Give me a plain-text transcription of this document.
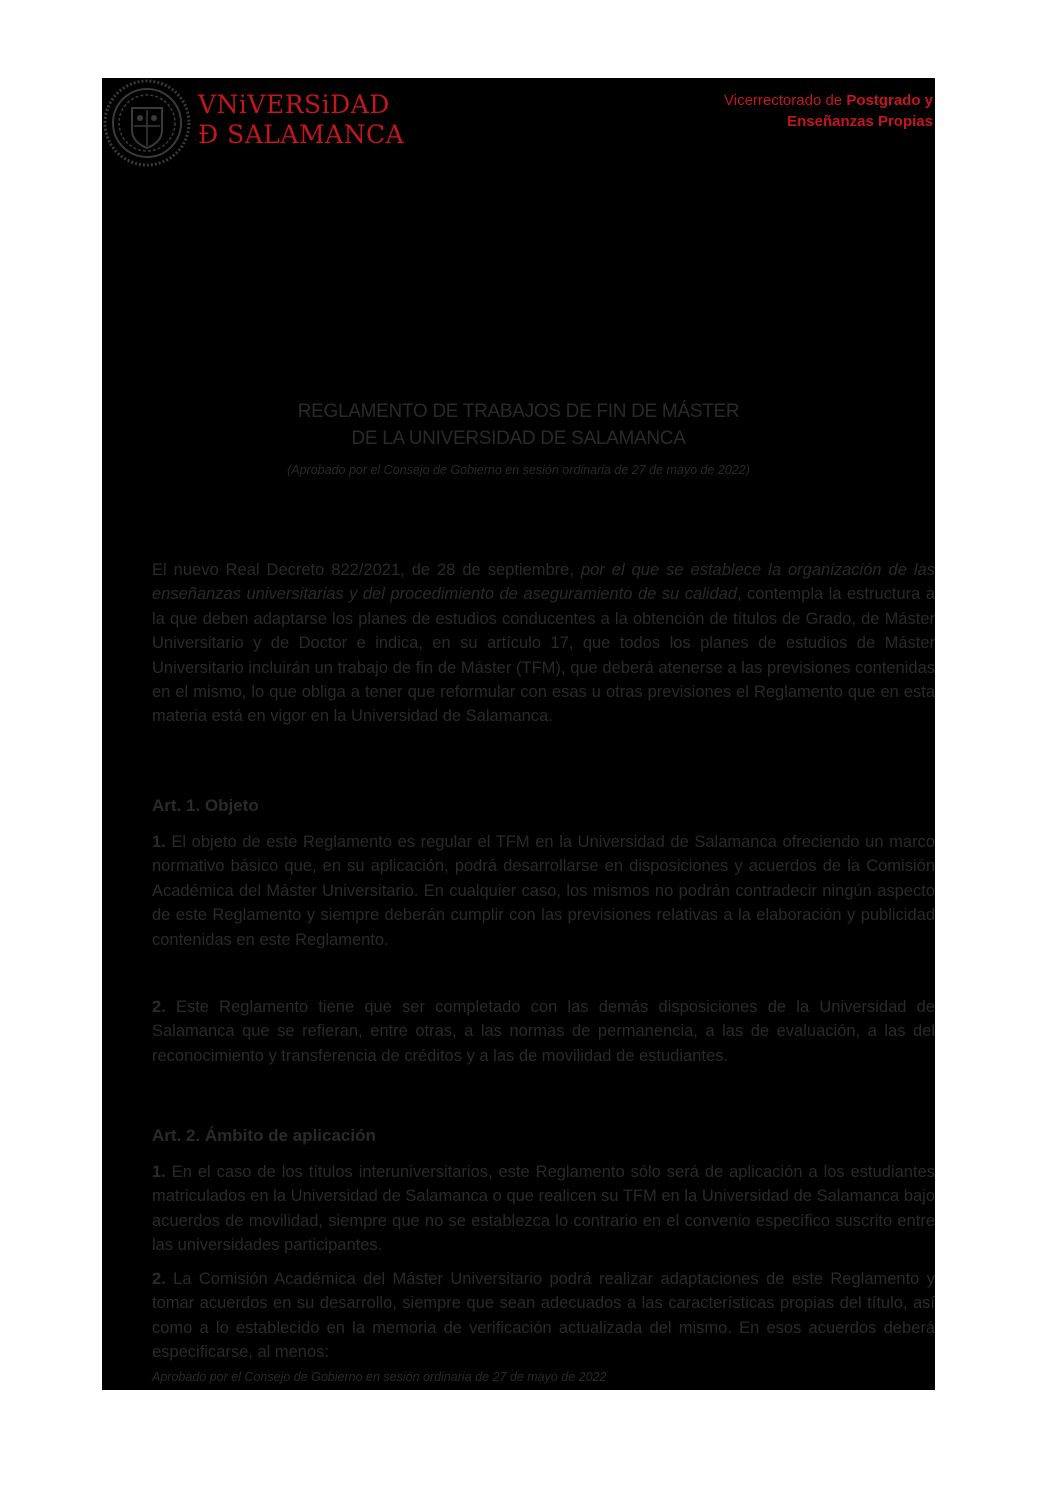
VNiVERSiDAD
Ð SALAMANCA
Vicerrectorado de Postgrado y
Enseñanzas Propias
REGLAMENTO DE TRABAJOS DE FIN DE MÁSTER
DE LA UNIVERSIDAD DE SALAMANCA
(Aprobado por el Consejo de Gobierno en sesión ordinaria de 27 de mayo de 2022)

El nuevo Real Decreto 822/2021, de 28 de septiembre, por el que se establece la organización de las enseñanzas universitarias y del procedimiento de aseguramiento de su calidad, contempla la estructura a la que deben adaptarse los planes de estudios conducentes a la obtención de títulos de Grado, de Máster Universitario y de Doctor e indica, en su artículo 17, que todos los planes de estudios de Máster Universitario incluirán un trabajo de fin de Máster (TFM), que deberá atenerse a las previsiones contenidas en el mismo, lo que obliga a tener que reformular con esas u otras previsiones el Reglamento que en esta materia está en vigor en la Universidad de Salamanca.

Art. 1. Objeto

1. El objeto de este Reglamento es regular el TFM en la Universidad de Salamanca ofreciendo un marco normativo básico que, en su aplicación, podrá desarrollarse en disposiciones y acuerdos de la Comisión Académica del Máster Universitario. En cualquier caso, los mismos no podrán contradecir ningún aspecto de este Reglamento y siempre deberán cumplir con las previsiones relativas a la elaboración y publicidad contenidas en este Reglamento.

2. Este Reglamento tiene que ser completado con las demás disposiciones de la Universidad de Salamanca que se refieran, entre otras, a las normas de permanencia, a las de evaluación, a las del reconocimiento y transferencia de créditos y a las de movilidad de estudiantes.

Art. 2. Ámbito de aplicación

1. En el caso de los títulos interuniversitarios, este Reglamento sólo será de aplicación a los estudiantes matriculados en la Universidad de Salamanca o que realicen su TFM en la Universidad de Salamanca bajo acuerdos de movilidad, siempre que no se establezca lo contrario en el convenio específico suscrito entre las universidades participantes.

2. La Comisión Académica del Máster Universitario podrá realizar adaptaciones de este Reglamento y tomar acuerdos en su desarrollo, siempre que sean adecuados a las características propias del título, así como a lo establecido en la memoria de verificación actualizada del mismo. En esos acuerdos deberá especificarse, al menos:

Aprobado por el Consejo de Gobierno en sesión ordinaria de 27 de mayo de 2022
